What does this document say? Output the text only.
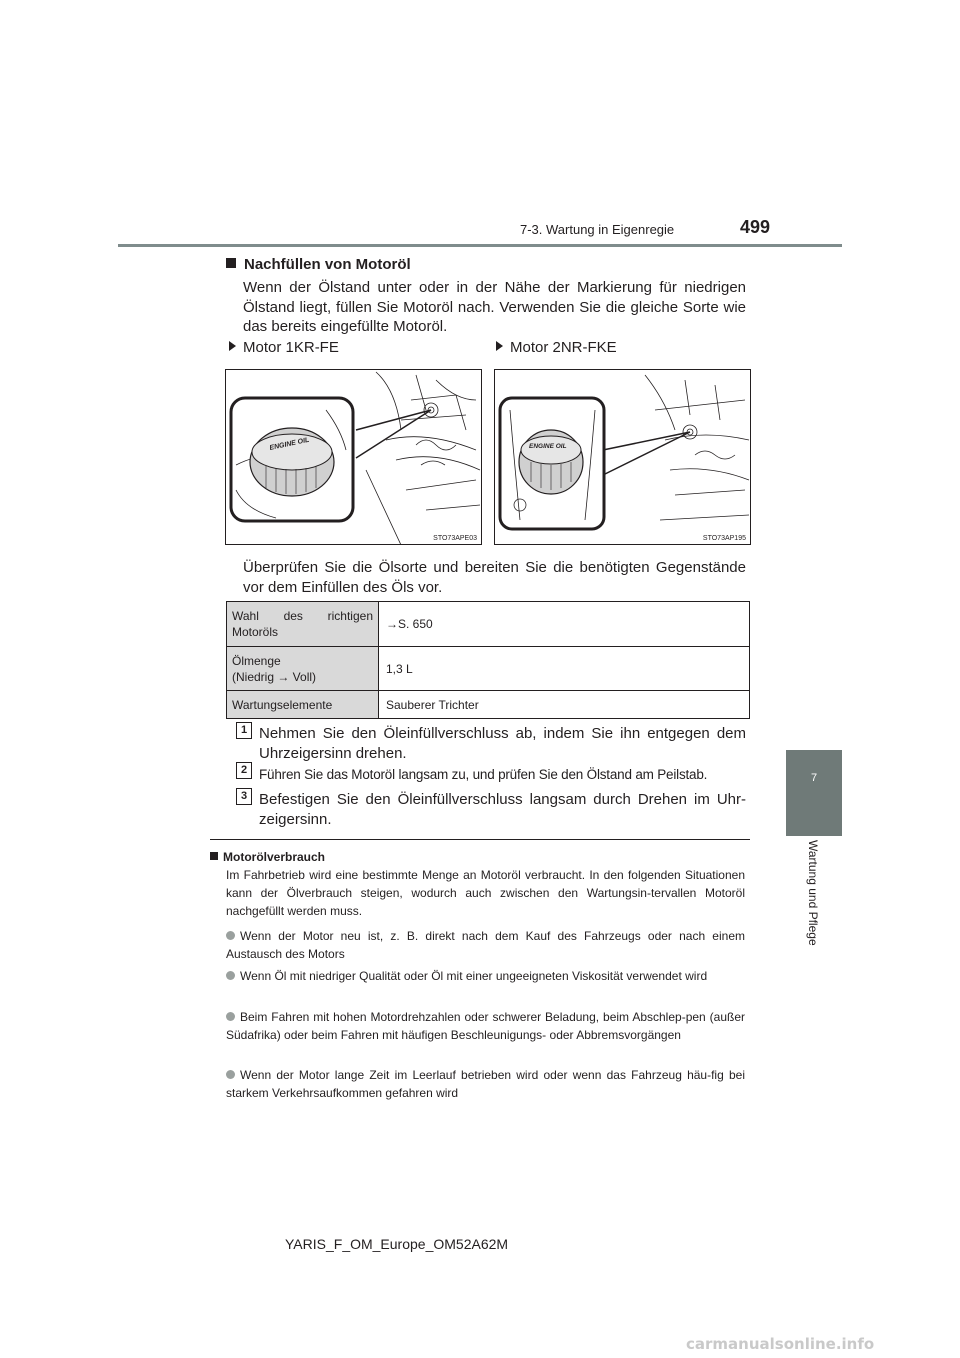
7-3. Wartung in Eigenregie	499
7
Wartung und Pflege
Nachfüllen von Motoröl
Wenn der Ölstand unter oder in der Nähe der Markierung für niedrigen Ölstand liegt, füllen Sie Motoröl nach. Verwenden Sie die gleiche Sorte wie das bereits eingefüllte Motoröl.
Motor 1KR-FE	Motor 2NR-FKE
ENGINE OIL
STO73APE03
ENGINE OIL
STO73AP195
Überprüfen Sie die Ölsorte und bereiten Sie die benötigten Gegenstände vor dem Einfüllen des Öls vor.
Wahl des richtigen
Motoröls	→S. 650

Ölmenge
(Niedrig → Voll)	1,3 L

Wartungselemente	Sauberer Trichter
1 Nehmen Sie den Öleinfüllverschluss ab, indem Sie ihn entgegen dem Uhrzeigersinn drehen.
2 Führen Sie das Motoröl langsam zu, und prüfen Sie den Ölstand am Peilstab.
3 Befestigen Sie den Öleinfüllverschluss langsam durch Drehen im Uhr-zeigersinn.
Motorölverbrauch
Im Fahrbetrieb wird eine bestimmte Menge an Motoröl verbraucht. In den folgenden Situationen kann der Ölverbrauch steigen, wodurch auch zwischen den Wartungsin-tervallen Motoröl nachgefüllt werden muss.
Wenn der Motor neu ist, z. B. direkt nach dem Kauf des Fahrzeugs oder nach einem Austausch des Motors
Wenn Öl mit niedriger Qualität oder Öl mit einer ungeeigneten Viskosität verwendet wird
Beim Fahren mit hohen Motordrehzahlen oder schwerer Beladung, beim Abschlep-pen (außer Südafrika) oder beim Fahren mit häufigen Beschleunigungs- oder Abbremsvorgängen
Wenn der Motor lange Zeit im Leerlauf betrieben wird oder wenn das Fahrzeug häu-fig bei starkem Verkehrsaufkommen gefahren wird
YARIS_F_OM_Europe_OM52A62M
carmanualsonline.info
